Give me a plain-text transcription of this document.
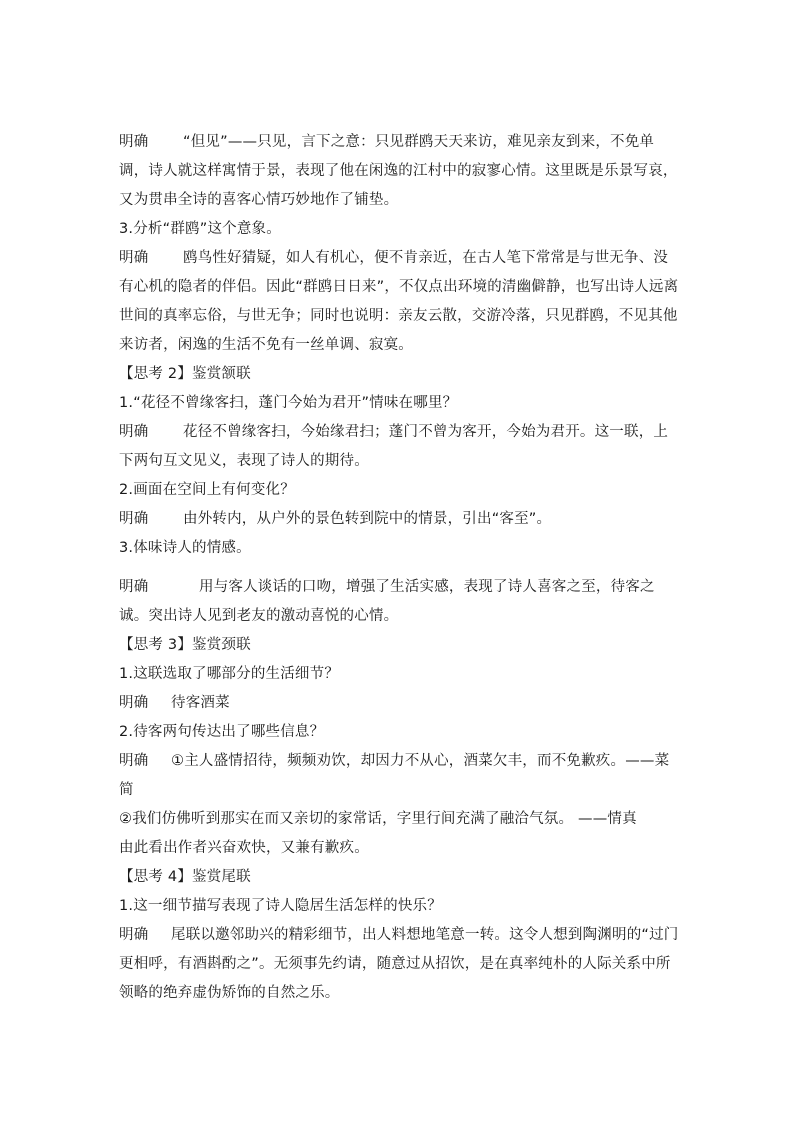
明确 “但见”——只见，言下之意：只见群鸥天天来访，难见亲友到来，不免单调，诗人就这样寓情于景，表现了他在闲逸的江村中的寂寥心情。这里既是乐景写哀，又为贯串全诗的喜客心情巧妙地作了铺垫。

3.分析“群鸥”这个意象。

明确 鸥鸟性好猜疑，如人有机心，便不肯亲近，在古人笔下常常是与世无争、没有心机的隐者的伴侣。因此“群鸥日日来”，不仅点出环境的清幽僻静，也写出诗人远离世间的真率忘俗，与世无争；同时也说明：亲友云散，交游冷落，只见群鸥，不见其他来访者，闲逸的生活不免有一丝单调、寂寞。

【思考 2】鉴赏颔联

1.“花径不曾缘客扫，蓬门今始为君开”情味在哪里？

明确 花径不曾缘客扫，今始缘君扫；蓬门不曾为客开，今始为君开。这一联，上下两句互文见义，表现了诗人的期待。

2.画面在空间上有何变化？

明确 由外转内，从户外的景色转到院中的情景，引出“客至”。

3.体味诗人的情感。

明确	用与客人谈话的口吻，增强了生活实感，表现了诗人喜客之至，待客之诚。突出诗人见到老友的激动喜悦的心情。

【思考 3】鉴赏颈联

1.这联选取了哪部分的生活细节？

明确 待客酒菜

2.待客两句传达出了哪些信息？

明确 ①主人盛情招待，频频劝饮，却因力不从心，酒菜欠丰，而不免歉疚。——菜简

②我们仿佛听到那实在而又亲切的家常话，字里行间充满了融洽气氛。 ——情真

由此看出作者兴奋欢快，又兼有歉疚。

【思考 4】鉴赏尾联

1.这一细节描写表现了诗人隐居生活怎样的快乐？

明确 尾联以邀邻助兴的精彩细节，出人料想地笔意一转。这令人想到陶渊明的“过门更相呼，有酒斟酌之”。无须事先约请，随意过从招饮，是在真率纯朴的人际关系中所领略的绝弃虚伪矫饰的自然之乐。
